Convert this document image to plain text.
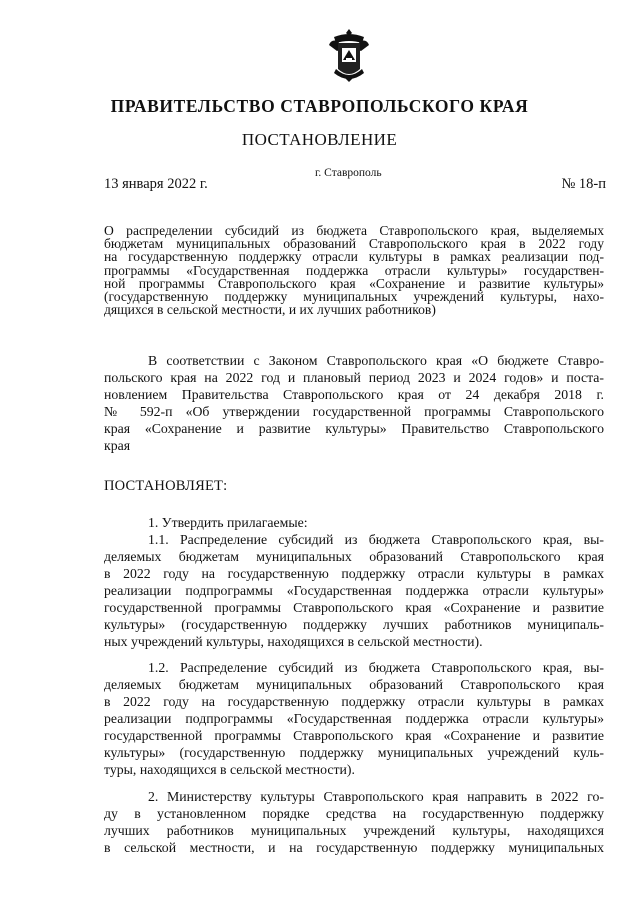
ПРАВИТЕЛЬСТВО СТАВРОПОЛЬСКОГО КРАЯ
ПОСТАНОВЛЕНИЕ
13 января 2022 г.
г. Ставрополь
№ 18-п
О распределении субсидий из бюджета Ставропольского края, выделяемых
бюджетам муниципальных образований Ставропольского края в 2022 году
на государственную поддержку отрасли культуры в рамках реализации под-
программы «Государственная поддержка отрасли культуры» государствен-
ной программы Ставропольского края «Сохранение и развитие культуры»
(государственную поддержку муниципальных учреждений культуры, нахо-
дящихся в сельской местности, и их лучших работников)
В соответствии с Законом Ставропольского края «О бюджете Ставро-
польского края на 2022 год и плановый период 2023 и 2024 годов» и поста-
новлением Правительства Ставропольского края от 24 декабря 2018 г.
№ 592-п «Об утверждении государственной программы Ставропольского
края «Сохранение и развитие культуры» Правительство Ставропольского
края
ПОСТАНОВЛЯЕТ:
1. Утвердить прилагаемые:
1.1. Распределение субсидий из бюджета Ставропольского края, вы-
деляемых бюджетам муниципальных образований Ставропольского края
в 2022 году на государственную поддержку отрасли культуры в рамках
реализации подпрограммы «Государственная поддержка отрасли культуры»
государственной программы Ставропольского края «Сохранение и развитие
культуры» (государственную поддержку лучших работников муниципаль-
ных учреждений культуры, находящихся в сельской местности).
1.2. Распределение субсидий из бюджета Ставропольского края, вы-
деляемых бюджетам муниципальных образований Ставропольского края
в 2022 году на государственную поддержку отрасли культуры в рамках
реализации подпрограммы «Государственная поддержка отрасли культуры»
государственной программы Ставропольского края «Сохранение и развитие
культуры» (государственную поддержку муниципальных учреждений куль-
туры, находящихся в сельской местности).
2. Министерству культуры Ставропольского края направить в 2022 го-
ду в установленном порядке средства на государственную поддержку
лучших работников муниципальных учреждений культуры, находящихся
в сельской местности, и на государственную поддержку муниципальных
